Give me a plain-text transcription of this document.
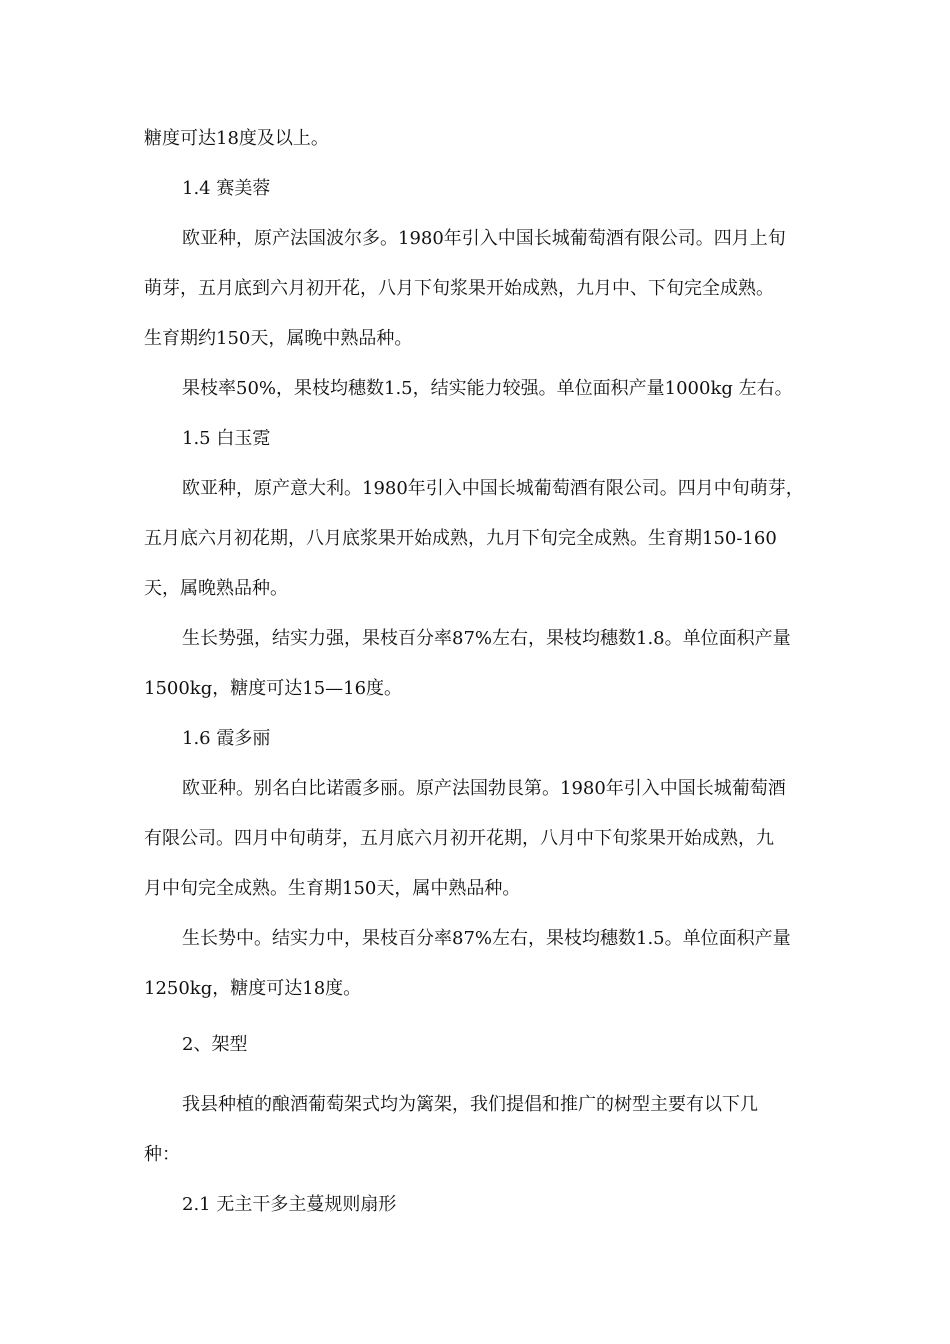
糖度可达18度及以上。
1.4 赛美蓉
欧亚种，原产法国波尔多。1980年引入中国长城葡萄酒有限公司。四月上旬
萌芽，五月底到六月初开花，八月下旬浆果开始成熟，九月中、下旬完全成熟。
生育期约150天，属晚中熟品种。
果枝率50%，果枝均穗数1.5，结实能力较强。单位面积产量1000kg 左右。
1.5 白玉霓
欧亚种，原产意大利。1980年引入中国长城葡萄酒有限公司。四月中旬萌芽，
五月底六月初花期，八月底浆果开始成熟，九月下旬完全成熟。生育期150-160
天，属晚熟品种。
生长势强，结实力强，果枝百分率87%左右，果枝均穗数1.8。单位面积产量
1500kg，糖度可达15—16度。
1.6 霞多丽
欧亚种。别名白比诺霞多丽。原产法国勃艮第。1980年引入中国长城葡萄酒
有限公司。四月中旬萌芽，五月底六月初开花期，八月中下旬浆果开始成熟，九
月中旬完全成熟。生育期150天，属中熟品种。
生长势中。结实力中，果枝百分率87%左右，果枝均穗数1.5。单位面积产量
1250kg，糖度可达18度。
2、架型
我县种植的酿酒葡萄架式均为篱架，我们提倡和推广的树型主要有以下几
种：
2.1 无主干多主蔓规则扇形
